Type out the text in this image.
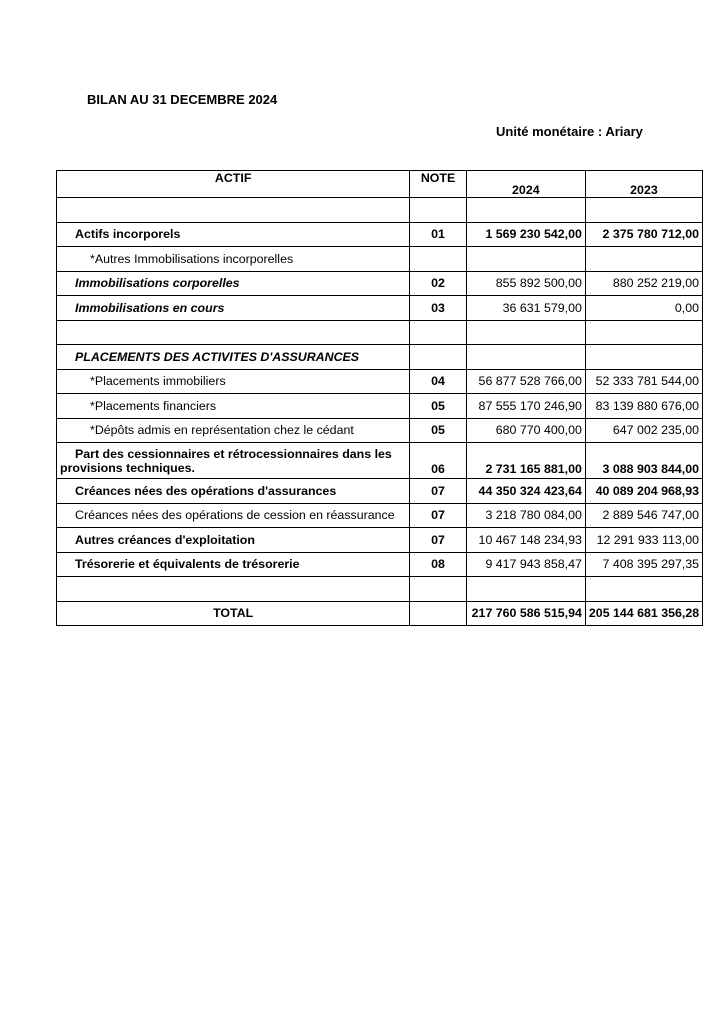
BILAN AU 31 DECEMBRE 2024
Unité monétaire : Ariary
ACTIF	NOTE	2024	2023

Actifs incorporels	01	1 569 230 542,00	2 375 780 712,00
*Autres Immobilisations incorporelles			
Immobilisations corporelles	02	855 892 500,00	880 252 219,00
Immobilisations en cours	03	36 631 579,00	0,00

PLACEMENTS DES ACTIVITES D'ASSURANCES			
*Placements immobiliers	04	56 877 528 766,00	52 333 781 544,00
*Placements financiers	05	87 555 170 246,90	83 139 880 676,00
*Dépôts admis en représentation chez le cédant	05	680 770 400,00	647 002 235,00
Part des cessionnaires et rétrocessionnaires dans les provisions techniques.	06	2 731 165 881,00	3 088 903 844,00
Créances nées des opérations d'assurances	07	44 350 324 423,64	40 089 204 968,93
Créances nées des opérations de cession en réassurance	07	3 218 780 084,00	2 889 546 747,00
Autres créances d'exploitation	07	10 467 148 234,93	12 291 933 113,00
Trésorerie et équivalents de trésorerie	08	9 417 943 858,47	7 408 395 297,35

TOTAL		217 760 586 515,94	205 144 681 356,28
